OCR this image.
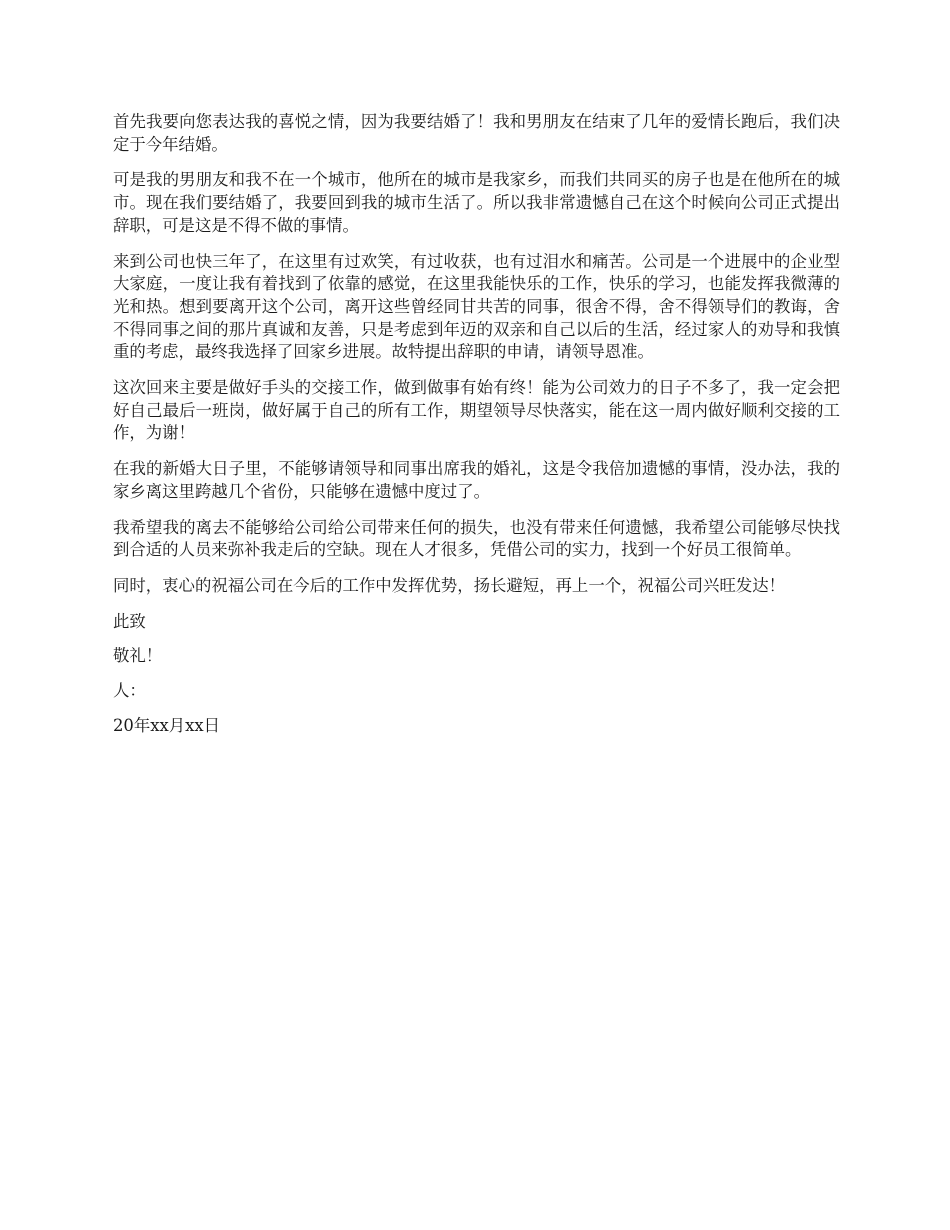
首先我要向您表达我的喜悦之情，因为我要结婚了！我和男朋友在结束了几年的爱情长跑后，我们决定于今年结婚。

可是我的男朋友和我不在一个城市，他所在的城市是我家乡，而我们共同买的房子也是在他所在的城市。现在我们要结婚了，我要回到我的城市生活了。所以我非常遗憾自己在这个时候向公司正式提出辞职，可是这是不得不做的事情。

来到公司也快三年了，在这里有过欢笑，有过收获，也有过泪水和痛苦。公司是一个进展中的企业型大家庭，一度让我有着找到了依靠的感觉，在这里我能快乐的工作，快乐的学习，也能发挥我微薄的光和热。想到要离开这个公司，离开这些曾经同甘共苦的同事，很舍不得，舍不得领导们的教诲，舍不得同事之间的那片真诚和友善，只是考虑到年迈的双亲和自己以后的生活，经过家人的劝导和我慎重的考虑，最终我选择了回家乡进展。故特提出辞职的申请，请领导恩准。

这次回来主要是做好手头的交接工作，做到做事有始有终！能为公司效力的日子不多了，我一定会把好自己最后一班岗，做好属于自己的所有工作，期望领导尽快落实，能在这一周内做好顺利交接的工作，为谢！

在我的新婚大日子里，不能够请领导和同事出席我的婚礼，这是令我倍加遗憾的事情，没办法，我的家乡离这里跨越几个省份，只能够在遗憾中度过了。

我希望我的离去不能够给公司给公司带来任何的损失，也没有带来任何遗憾，我希望公司能够尽快找到合适的人员来弥补我走后的空缺。现在人才很多，凭借公司的实力，找到一个好员工很简单。

同时，衷心的祝福公司在今后的工作中发挥优势，扬长避短，再上一个，祝福公司兴旺发达！

此致

敬礼！

人：

20年xx月xx日
